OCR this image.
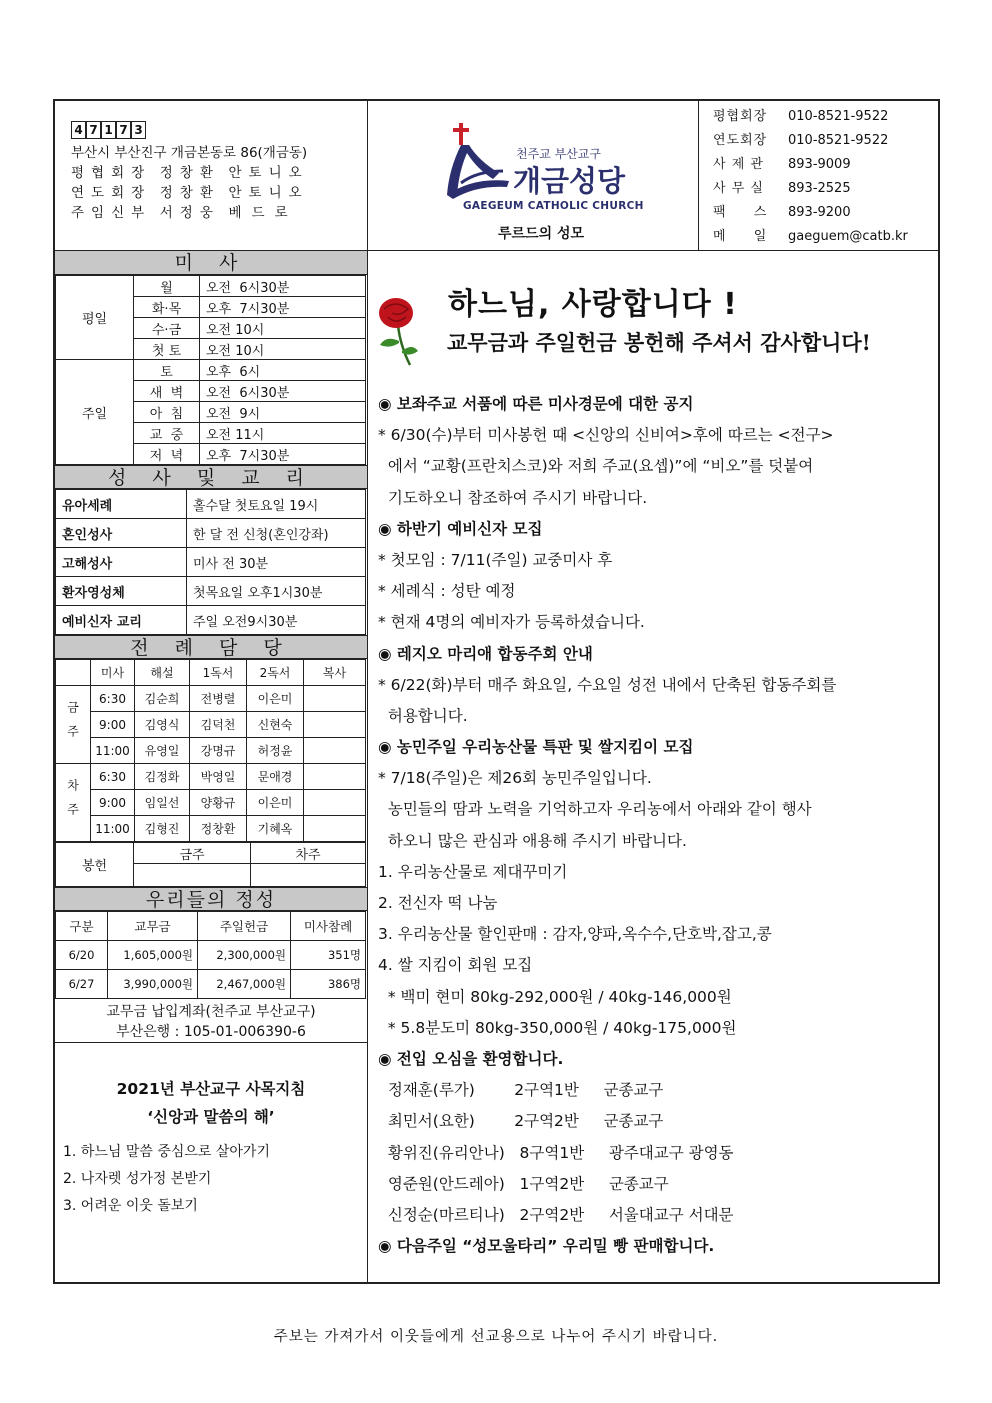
4 7 1 7 3
부산시 부산진구 개금본동로 86(개금동)
평협회장 정창환 안토니오
연도회장 정창환 안토니오
주임신부 서정웅 베드로
천주교 부산교구
개금성당
GAEGEUM CATHOLIC CHURCH
루르드의 성모
평협회장	010-8521-9522
연도회장	010-8521-9522
사 제 관	893-9009
사 무 실	893-2525
팩 스 893-9200
메 일 gaeguem@catb.kr
미 사
평일	월	오전  6시30분
	화·목	오후  7시30분
	수·금	오전 10시
	첫 토	오전 10시
주일	토	오후  6시
	새  벽	오전  6시30분
	아  침	오전  9시
	교  중	오전 11시
	저  녁	오후  7시30분
성 사 및 교 리
유아세례	홀수달 첫토요일 19시
혼인성사	한 달 전 신청(혼인강좌)
고해성사	미사 전 30분
환자영성체	첫목요일 오후1시30분
예비신자 교리	주일 오전9시30분
전 례 담 당
	미사	해설	1독서	2독서	복사
금주	6:30	김순희	전병렬	이은미	
	9:00	김영식	김덕천	신현숙	
	11:00	유영일	강명규	허정윤	
차주	6:30	김정화	박영일	문애경	
	9:00	임일선	양황규	이은미	
	11:00	김형진	정창환	기혜옥	
봉헌	금주	차주

우리들의 정성
구분	교무금	주일헌금	미사참례
6/20	1,605,000원	2,300,000원	351명
6/27	3,990,000원	2,467,000원	386명
교무금 납입계좌(천주교 부산교구)
부산은행 : 105-01-006390-6
2021년 부산교구 사목지침
‘신앙과 말씀의 해’
1. 하느님 말씀 중심으로 살아가기
2. 나자렛 성가정 본받기
3. 어려운 이웃 돌보기
하느님, 사랑합니다 !
교무금과 주일헌금 봉헌해 주셔서 감사합니다!
◉ 보좌주교 서품에 따른 미사경문에 대한 공지
* 6/30(수)부터 미사봉헌 때 <신앙의 신비여>후에 따르는 <전구>
에서 “교황(프란치스코)와 저희 주교(요셉)”에 “비오”를 덧붙여
기도하오니 참조하여 주시기 바랍니다.
◉ 하반기 예비신자 모집
* 첫모임 : 7/11(주일) 교중미사 후
* 세례식 : 성탄 예정
* 현재 4명의 예비자가 등록하셨습니다.
◉ 레지오 마리애 합동주회 안내
* 6/22(화)부터 매주 화요일, 수요일 성전 내에서 단축된 합동주회를
허용합니다.
◉ 농민주일 우리농산물 특판 및 쌀지킴이 모집
* 7/18(주일)은 제26회 농민주일입니다.
농민들의 땀과 노력을 기억하고자 우리농에서 아래와 같이 행사
하오니 많은 관심과 애용해 주시기 바랍니다.
1. 우리농산물로 제대꾸미기
2. 전신자 떡 나눔
3. 우리농산물 할인판매 : 감자,양파,옥수수,단호박,잡고,콩
4. 쌀 지킴이 회원 모집
* 백미 현미 80kg-292,000원 / 40kg-146,000원
* 5.8분도미 80kg-350,000원 / 40kg-175,000원
◉ 전입 오심을 환영합니다.
정재훈(루가)        2구역1반     군종교구
최민서(요한)        2구역2반     군종교구
황위진(유리안나)   8구역1반     광주대교구 광영동
영준원(안드레아)   1구역2반     군종교구
신정순(마르티나)   2구역2반     서울대교구 서대문
◉ 다음주일 “성모울타리” 우리밀 빵 판매합니다.
주보는 가져가서 이웃들에게 선교용으로 나누어 주시기 바랍니다.
